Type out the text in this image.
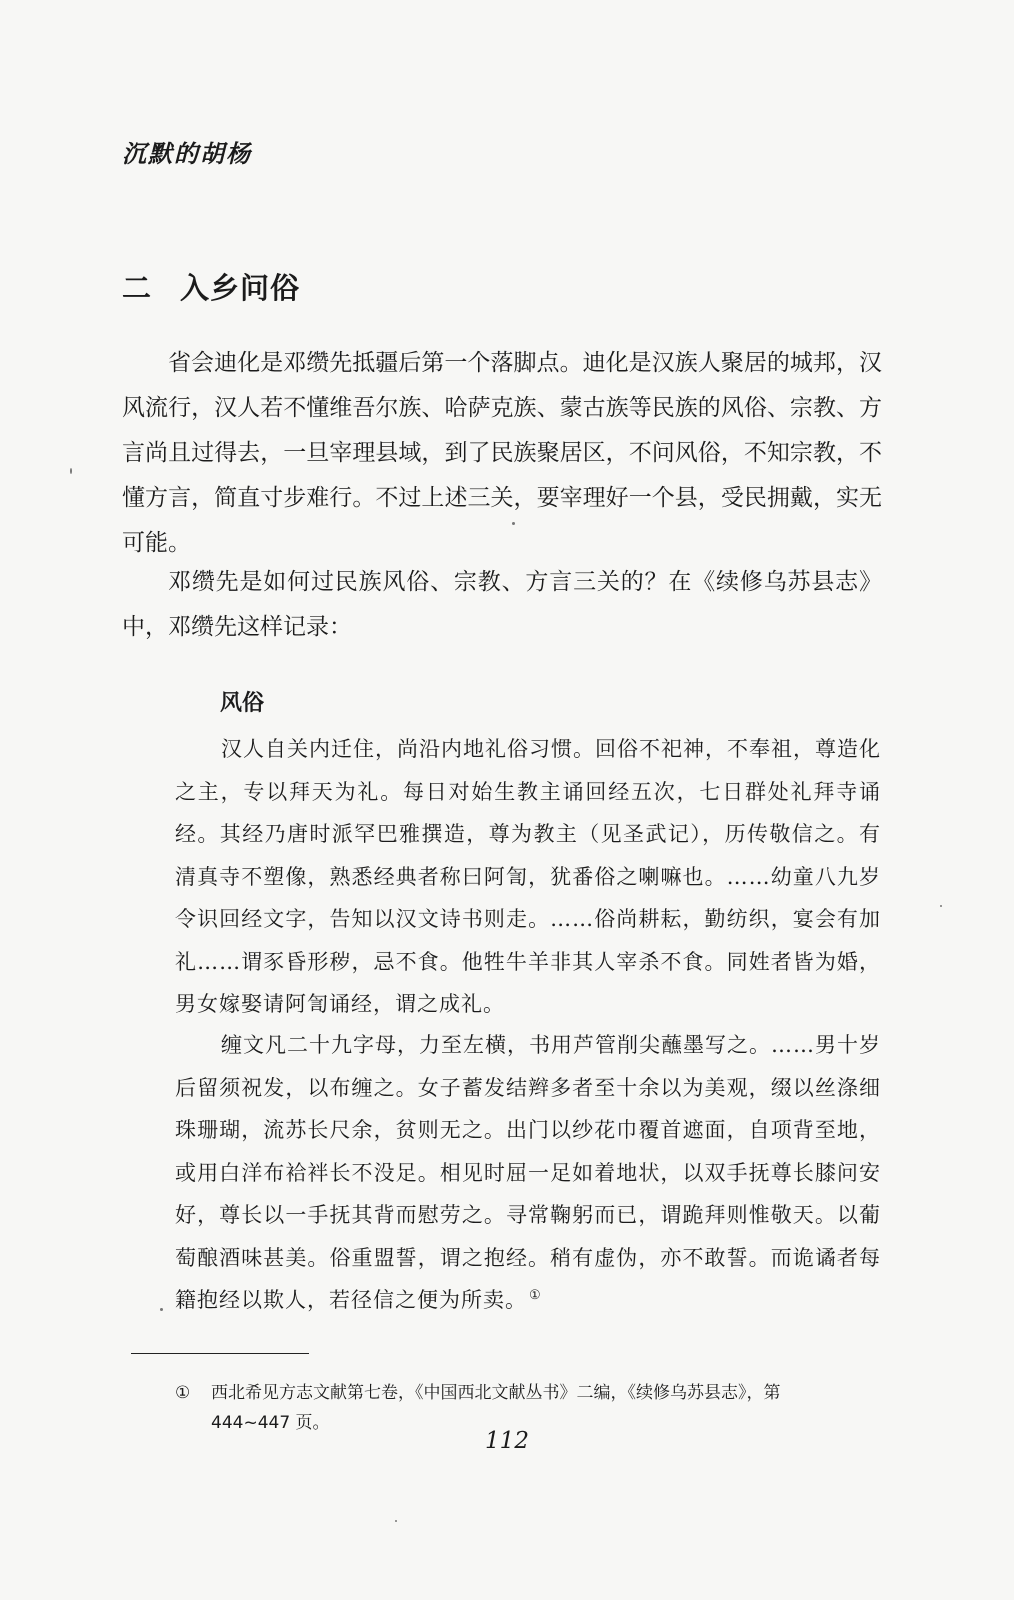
沉默的胡杨
二 入乡问俗

省会迪化是邓缵先抵疆后第一个落脚点。迪化是汉族人聚居的城邦，汉风流行，汉人若不懂维吾尔族、哈萨克族、蒙古族等民族的风俗、宗教、方言尚且过得去，一旦宰理县域，到了民族聚居区，不问风俗，不知宗教，不懂方言，简直寸步难行。不过上述三关，要宰理好一个县，受民拥戴，实无可能。

邓缵先是如何过民族风俗、宗教、方言三关的？在《续修乌苏县志》中，邓缵先这样记录：

风俗

汉人自关内迁住，尚沿内地礼俗习惯。回俗不祀神，不奉祖，尊造化之主，专以拜天为礼。每日对始生教主诵回经五次，七日群处礼拜寺诵经。其经乃唐时派罕巴雅撰造，尊为教主（见圣武记），历传敬信之。有清真寺不塑像，熟悉经典者称曰阿訇，犹番俗之喇嘛也。……幼童八九岁令识回经文字，告知以汉文诗书则走。……俗尚耕耘，勤纺织，宴会有加礼……谓豕昏形秽，忌不食。他牲牛羊非其人宰杀不食。同姓者皆为婚，男女嫁娶请阿訇诵经，谓之成礼。

缠文凡二十九字母，力至左横，书用芦管削尖蘸墨写之。……男十岁后留须祝发，以布缠之。女子蓄发结辫多者至十余以为美观，缀以丝涤细珠珊瑚，流苏长尺余，贫则无之。出门以纱花巾覆首遮面，自项背至地，或用白洋布袷袢长不没足。相见时屈一足如着地状，以双手抚尊长膝问安好，尊长以一手抚其背而慰劳之。寻常鞠躬而已，谓跪拜则惟敬天。以葡萄酿酒味甚美。俗重盟誓，谓之抱经。稍有虚伪，亦不敢誓。而诡谲者每籍抱经以欺人，若径信之便为所卖。 ①

① 西北希见方志文献第七卷，《中国西北文献丛书》二编，《续修乌苏县志》，第
444~447 页。

112
